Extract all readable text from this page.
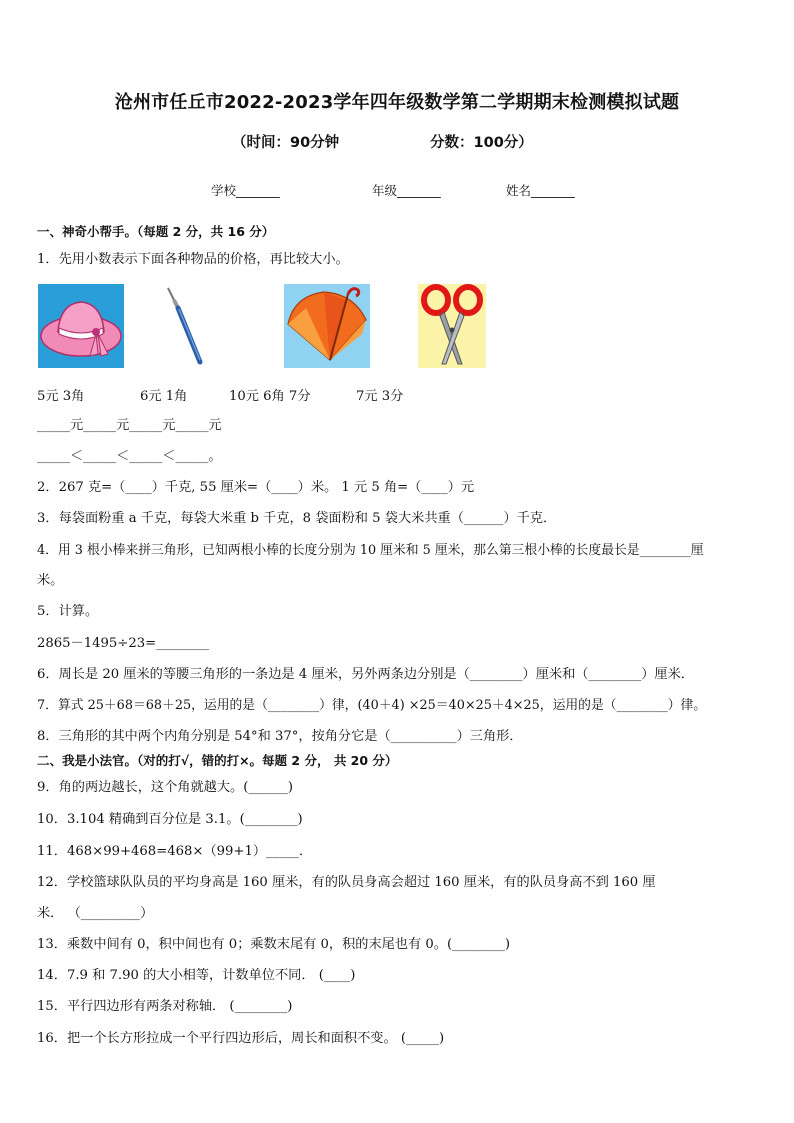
沧州市任丘市2022-2023学年四年级数学第二学期期末检测模拟试题
（时间：90分钟                  分数：100分）
学校_______	年级_______	姓名_______
一、神奇小帮手。（每题 2 分，共 16 分）
1．先用小数表示下面各种物品的价格，再比较大小。
5元 3角	6元 1角	10元 6角 7分	7元 3分
_____元_____元_____元_____元
_____＜_____＜_____＜_____。
2．267 克=（____）千克, 55 厘米=（____）米。 1 元 5 角=（____）元
3．每袋面粉重 a 千克，每袋大米重 b 千克，8 袋面粉和 5 袋大米共重（______）千克．
4．用 3 根小棒来拼三角形，已知两根小棒的长度分别为 10 厘米和 5 厘米，那么第三根小棒的长度最长是________厘
米。
5．计算。
2865－1495÷23=________
6．周长是 20 厘米的等腰三角形的一条边是 4 厘米，另外两条边分别是（________）厘米和（________）厘米．
7．算式 25＋68＝68＋25，运用的是（________）律，(40＋4) ×25＝40×25＋4×25，运用的是（________）律。
8．三角形的其中两个内角分别是 54°和 37°，按角分它是（__________）三角形．
二、我是小法官。（对的打√，错的打×。每题 2 分， 共 20 分）
9．角的两边越长，这个角就越大。(______)
10．3.104 精确到百分位是 3.1。(________)
11．468×99+468=468×（99+1）_____．
12．学校篮球队队员的平均身高是 160 厘米，有的队员身高会超过 160 厘米，有的队员身高不到 160 厘
米． （_________）
13．乘数中间有 0，积中间也有 0；乘数末尾有 0，积的末尾也有 0。(________)
14．7.9 和 7.90 的大小相等，计数单位不同． (____)
15．平行四边形有两条对称轴． (________)
16．把一个长方形拉成一个平行四边形后，周长和面积不变。 (_____)
